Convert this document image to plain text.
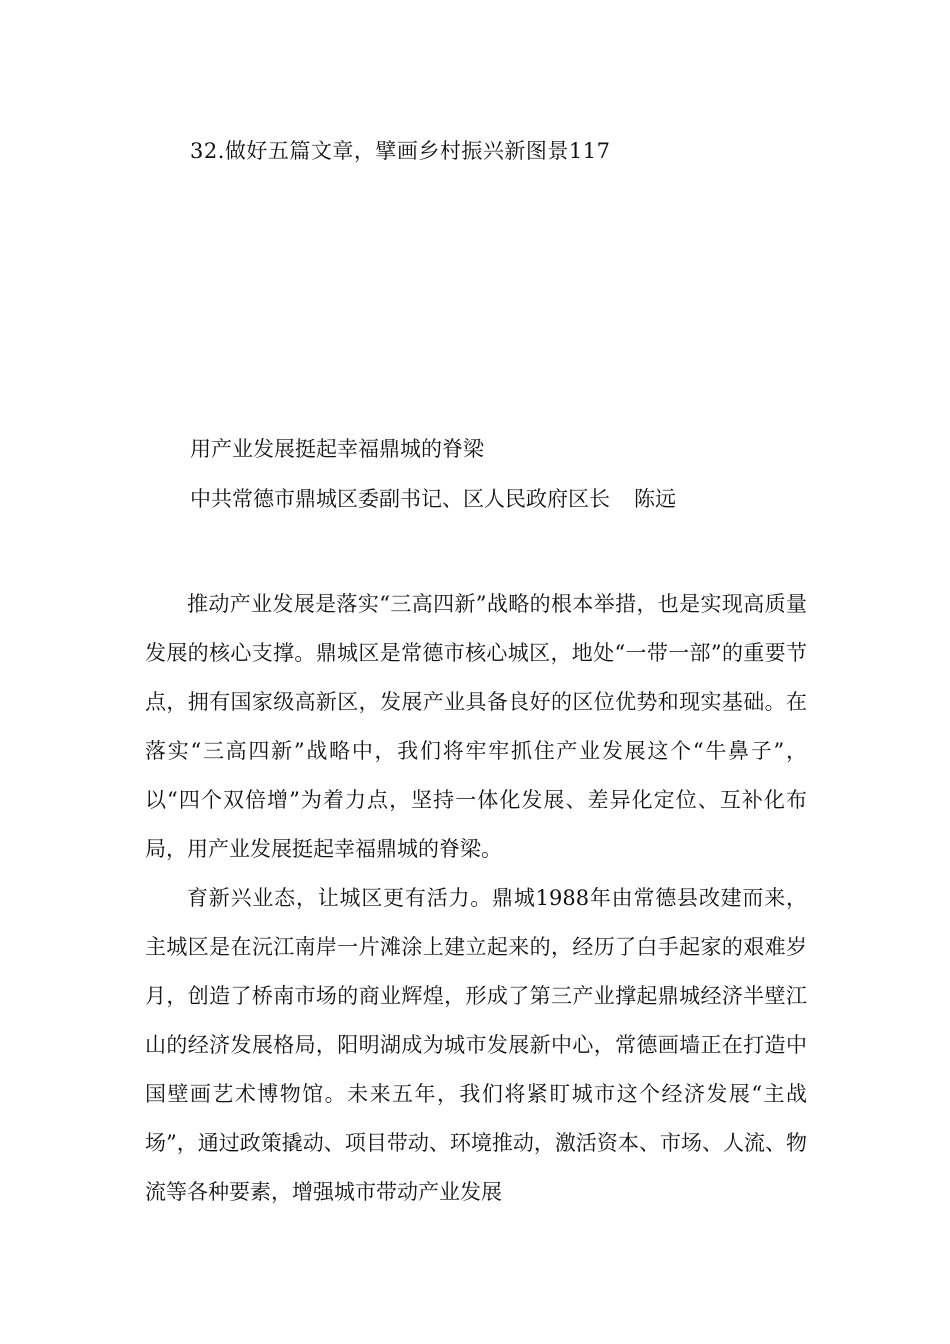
32.做好五篇文章，擘画乡村振兴新图景117
用产业发展挺起幸福鼎城的脊梁
中共常德市鼎城区委副书记、区人民政府区长 陈远

推动产业发展是落实“三高四新”战略的根本举措，也是实现高质量发展的核心支撑。鼎城区是常德市核心城区，地处“一带一部”的重要节点，拥有国家级高新区，发展产业具备良好的区位优势和现实基础。在落实“三高四新”战略中，我们将牢牢抓住产业发展这个“牛鼻子”，以“四个双倍增”为着力点，坚持一体化发展、差异化定位、互补化布局，用产业发展挺起幸福鼎城的脊梁。

育新兴业态，让城区更有活力。鼎城1988年由常德县改建而来，主城区是在沅江南岸一片滩涂上建立起来的，经历了白手起家的艰难岁月，创造了桥南市场的商业辉煌，形成了第三产业撑起鼎城经济半壁江山的经济发展格局，阳明湖成为城市发展新中心，常德画墙正在打造中国壁画艺术博物馆。未来五年，我们将紧盯城市这个经济发展“主战场”，通过政策撬动、项目带动、环境推动，激活资本、市场、人流、物流等各种要素，增强城市带动产业发展
